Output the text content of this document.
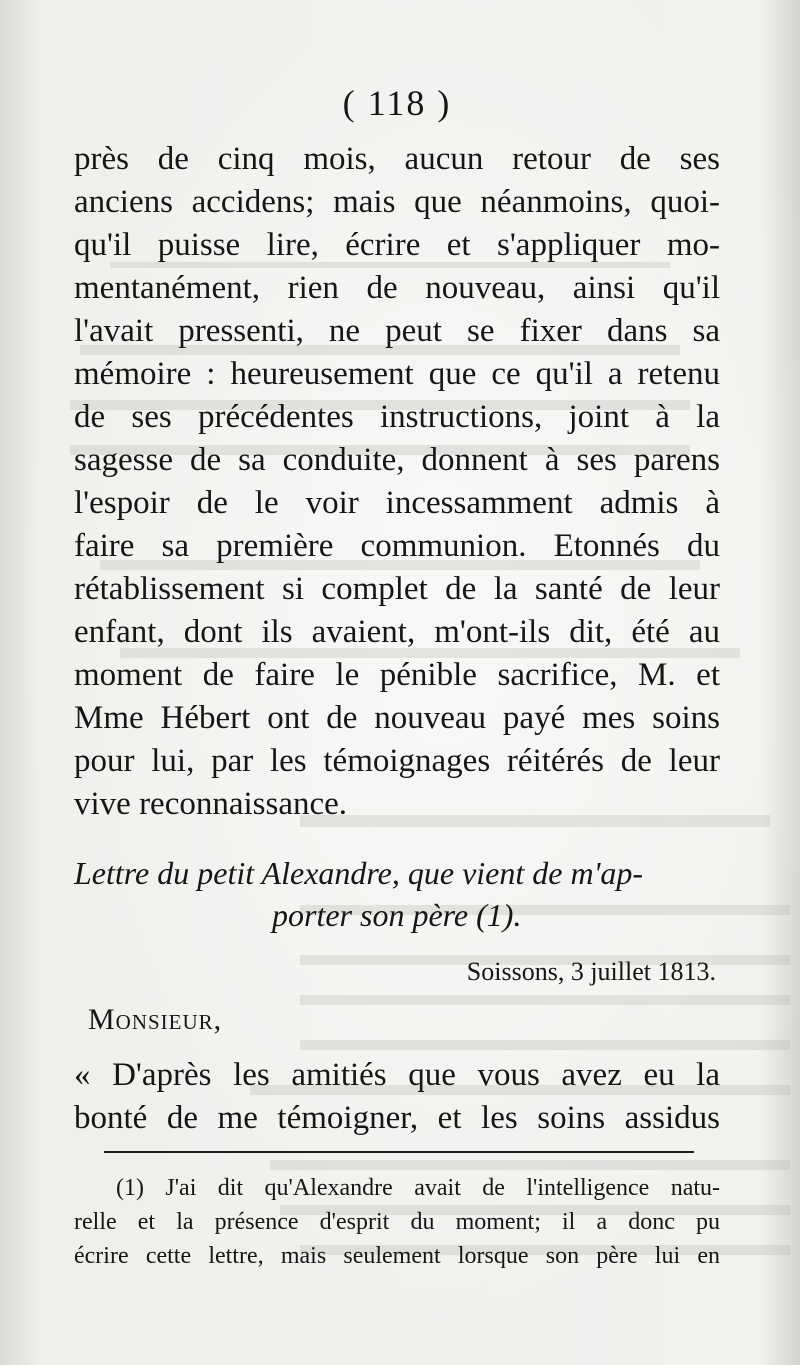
( 118 )
près de cinq mois, aucun retour de ses
anciens accidens; mais que néanmoins, quoi-
qu'il puisse lire, écrire et s'appliquer mo-
mentanément, rien de nouveau, ainsi qu'il
l'avait pressenti, ne peut se fixer dans sa
mémoire : heureusement que ce qu'il a retenu
de ses précédentes instructions, joint à la
sagesse de sa conduite, donnent à ses parens
l'espoir de le voir incessamment admis à
faire sa première communion. Etonnés du
rétablissement si complet de la santé de leur
enfant, dont ils avaient, m'ont-ils dit, été au
moment de faire le pénible sacrifice, M. et
Mme Hébert ont de nouveau payé mes soins
pour lui, par les témoignages réitérés de leur
vive reconnaissance.
Lettre du petit Alexandre, que vient de m'ap-
porter son père (1).
Soissons, 3 juillet 1813.
Monsieur,
« D'après les amitiés que vous avez eu la
bonté de me témoigner, et les soins assidus
(1) J'ai dit qu'Alexandre avait de l'intelligence natu-
relle et la présence d'esprit du moment; il a donc pu
écrire cette lettre, mais seulement lorsque son père lui en
